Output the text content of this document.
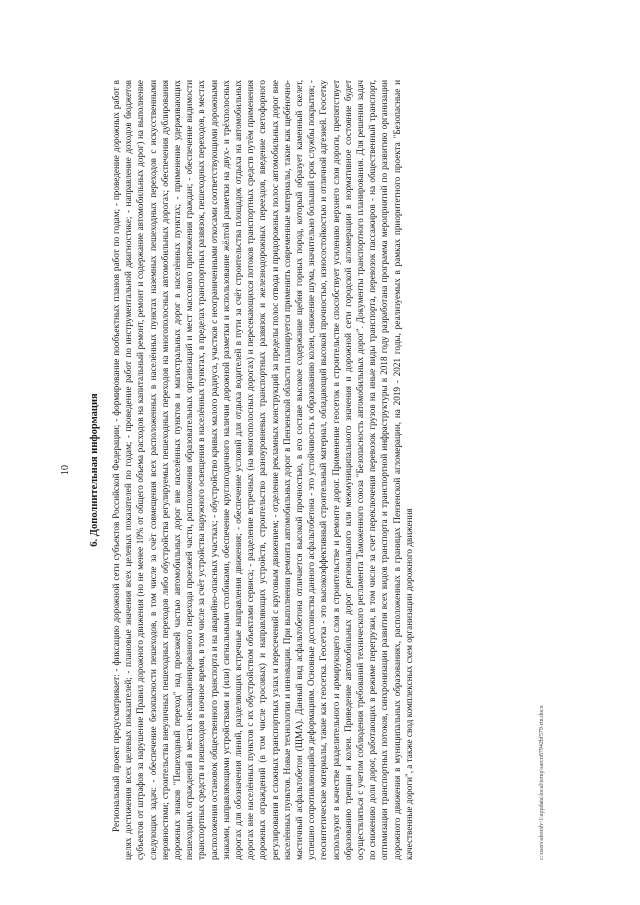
10 6. Дополнительная информация Региональный проект предусматривает: - фиксацию дорожной сети субъектов Российской Федерации; - формирование пообъектных планов работ по годам; - проведение дорожных работ в целях достижения всех целевых показателей; - плановые значения всех целевых показателей по годам; - проведение работ по инструментальной диагностике; - направление доходов бюджетов субъектов от штрафов за нарушение Правил дорожного движения (но не менее 10% от общего объема расходов на капитальный ремонт, ремонт и содержание автомобильных дорог) на выполнение следующих задач: - обеспечение безопасности пешеходов, в том числе за счёт совмещения всех расположенных в населённых пунктах наземных пешеходных переходов с искусственными неровностями; строительства внеуличных пешеходных переходов либо обустройства регулируемых пешеходных переходов на многополосных автомобильных дорогах; обеспечения дублирования дорожных знаков "Пешеходный переход" над проезжей частью автомобильных дорог вне населённых пунктов и магистральных дорог в населённых пунктах; - применение удерживающих пешеходных ограждений в местах несанкционированного перехода проезжей части, расположения образовательных организаций и мест массового притяжения граждан; - обеспечение видимости транспортных средств и пешеходов в ночное время, в том числе за счёт устройства наружного освещения в населённых пунктах, в пределах транспортных развязок, пешеходных переходов, в местах расположения остановок общественного транспорта и на аварийно-опасных участках; - обустройство кривых малого радиуса, участков с неограниченными откосами соответствующими дорожными знаками, направляющими устройствами и (или) сигнальными столбиками, обеспечение круглогодичного наличия дорожной разметки и использование жёлтой разметки на двух- и трёхполосных дорогах для обозначения линий, разделяющих встречные направления движения; - обеспечение условий для отдыха водителей в пути за счёт строительства площадок отдыха на автомобильных дорогах вне населённых пунктов с их обустройством объектами сервиса; - разделение встречных (на многополосных дорогах) и пересекающихся потоков транспортных средств путём применения дорожных ограждений (в том числе тросовых) и направляющих устройств, строительство разноуровневых транспортных развязок и железнодорожных переездов, введение светофорного регулирования в сложных транспортных узлах и пересечений с круговым движением; - отделение рекламных конструкций за пределы полос отвода и придорожных полос автомобильных дорог вне населённых пунктов. Новые технологии и инновации. При выполнении ремонта автомобильных дорог в Пензенской области планируется применить современные материалы, такие как щебёночно-мастичный асфальтобетон (ЩМА). Данный вид асфальтобетона отличается высокой прочностью, в его составе высокое содержание щебня горных пород, который образует каменный скелет, успешно сопротивляющийся деформациям. Основные достоинства данного асфальтобетона - это устойчивость к образованию колеи, снижение шума, значительно больший срок службы покрытия; - геосинтетические материалы, такие как геосетка. Геосетка - это высокоэффективный строительный материал, обладающий высокой прочностью, износостойкостью и отличной адгезией. Геосетку используют в качестве разделительного и армирующего слоя в строительстве и ремонте дорог. Применение геосеток в строительстве способствует усилению верхнего слоя дороги, препятствует образованию трещин и колеи. Приведение автомобильных дорог регионального или межмуниципального значения и дорожной сети городской агломерации в нормативное состояние будет осуществляться с учетом соблюдения требований технического регламента Таможенного союза "Безопасность автомобильных дорог". Документы транспортного планирования. Для решения задач по снижению доли дорог, работающих в режиме перегрузки, в том числе за счет переключения перевозок грузов на иные виды транспорта, перевозок пассажиров - на общественный транспорт, оптимизации транспортных потоков, синхронизации развития всех видов транспорта и транспортной инфраструктуры в 2018 году разработана программа мероприятий по развитию организации дорожного движения в муниципальных образованиях, расположенных в границах Пензенской агломерации, на 2019 - 2021 годы, реализуемых в рамках приоритетного проекта "Безопасные и качественные дороги", а также свод комплексных схем организации дорожного движения	c:\users\aborsh~1\appdata\local\temp\sarcn87942bf579-rtn.docx
